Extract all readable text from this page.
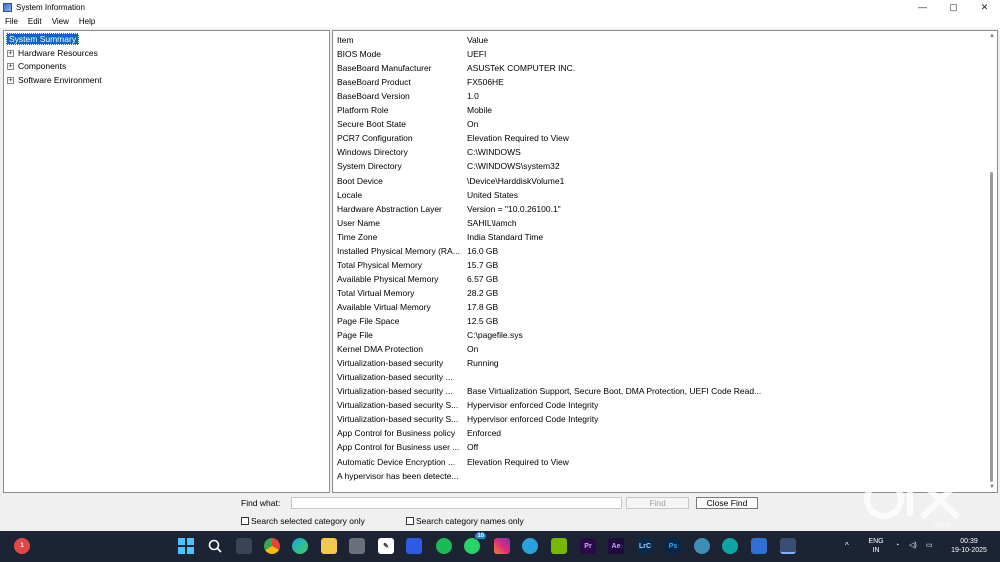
System Information	—	▢	✕
File	Edit	View	Help
System Summary
+ Hardware Resources
+ Components
+ Software Environment
Item	Value
BIOS Mode	UEFI
BaseBoard Manufacturer	ASUSTeK COMPUTER INC.
BaseBoard Product	FX506HE
BaseBoard Version	1.0
Platform Role	Mobile
Secure Boot State	On
PCR7 Configuration	Elevation Required to View
Windows Directory	C:\WINDOWS
System Directory	C:\WINDOWS\system32
Boot Device	\Device\HarddiskVolume1
Locale	United States
Hardware Abstraction Layer	Version = "10.0.26100.1"
User Name	SAHIL\lamch
Time Zone	India Standard Time
Installed Physical Memory (RA... 16.0 GB
Total Physical Memory	15.7 GB
Available Physical Memory	6.57 GB
Total Virtual Memory	28.2 GB
Available Virtual Memory	17.8 GB
Page File Space	12.5 GB
Page File	C:\pagefile.sys
Kernel DMA Protection	On
Virtualization-based security	Running
Virtualization-based security ...
Virtualization-based security ...	Base Virtualization Support, Secure Boot, DMA Protection, UEFI Code Read...
Virtualization-based security S...	Hypervisor enforced Code Integrity
Virtualization-based security S...	Hypervisor enforced Code Integrity
App Control for Business policy	Enforced
App Control for Business user ... Off
Automatic Device Encryption ...	Elevation Required to View
A hypervisor has been detecte...
▲
▼
Find what:	Find	Close Find
Search selected category only	Search category names only	INDIA
1	✎
10
Pr	Ae	LrC	Ps	^	ENG
IN
◔ ◁) ▭
00:39
19-10-2025
